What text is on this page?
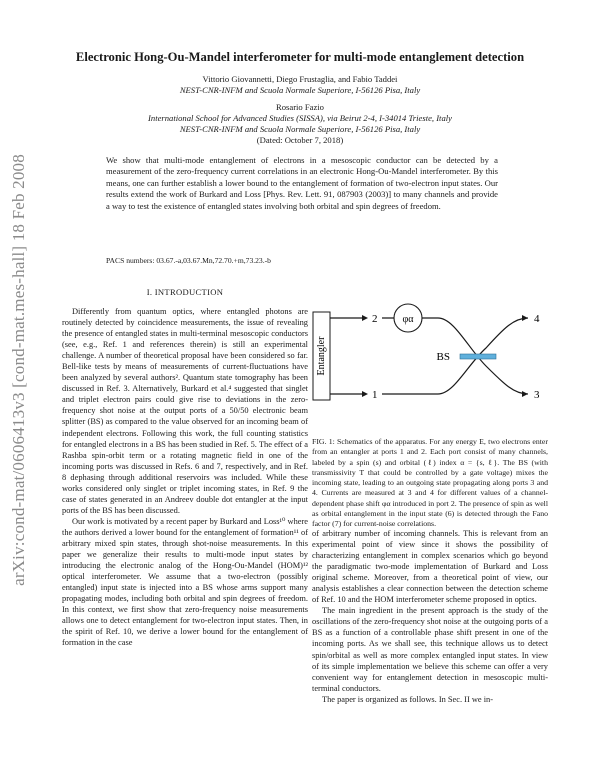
arXiv:cond-mat/0606413v3 [cond-mat.mes-hall] 18 Feb 2008
Electronic Hong-Ou-Mandel interferometer for multi-mode entanglement detection
Vittorio Giovannetti, Diego Frustaglia, and Fabio Taddei
NEST-CNR-INFM and Scuola Normale Superiore, I-56126 Pisa, Italy
Rosario Fazio
International School for Advanced Studies (SISSA), via Beirut 2-4, I-34014 Trieste, Italy
NEST-CNR-INFM and Scuola Normale Superiore, I-56126 Pisa, Italy
(Dated: October 7, 2018)
We show that multi-mode entanglement of electrons in a mesoscopic conductor can be detected by a measurement of the zero-frequency current correlations in an electronic Hong-Ou-Mandel interferometer. By this means, one can further establish a lower bound to the entanglement of formation of two-electron input states. Our results extend the work of Burkard and Loss [Phys. Rev. Lett. 91, 087903 (2003)] to many channels and provide a way to test the existence of entangled states involving both orbital and spin degrees of freedom.
PACS numbers: 03.67.-a,03.67.Mn,72.70.+m,73.23.-b
I. INTRODUCTION

Differently from quantum optics, where entangled photons are routinely detected by coincidence measurements, the issue of revealing the presence of entangled states in multi-terminal mesoscopic conductors (see, e.g., Ref. 1 and references therein) is still an experimental challenge. A number of theoretical proposal have been considered so far. Bell-like tests by means of measurements of current-fluctuations have been analyzed by several authors². Quantum state tomography has been discussed in Ref. 3. Alternatively, Burkard et al.⁴ suggested that singlet and triplet electron pairs could give rise to deviations in the zero-frequency shot noise at the output ports of a 50/50 electronic beam splitter (BS) as compared to the value observed for an incoming beam of independent electrons. Following this work, the full counting statistics for entangled electrons in a BS has been studied in Ref. 5. The effect of a Rashba spin-orbit term or a rotating magnetic field in one of the incoming ports was discussed in Refs. 6 and 7, respectively, and in Ref. 8 dephasing through additional reservoirs was included. While these works considered only singlet or triplet incoming states, in Ref. 9 the case of states generated in an Andreev double dot entangler at the input ports of the BS has been discussed.

Our work is motivated by a recent paper by Burkard and Loss¹⁰ where the authors derived a lower bound for the entanglement of formation¹¹ of arbitrary mixed spin states, through shot-noise measurements. In this paper we generalize their results to multi-mode input states by introducing the electronic analog of the Hong-Ou-Mandel (HOM)¹² optical interferometer. We assume that a two-electron (possibly entangled) input state is injected into a BS whose arms support many propagating modes, including both orbital and spin degrees of freedom. In this context, we first show that zero-frequency noise measurements allows one to detect entanglement for two-electron input states. Then, in the spirit of Ref. 10, we derive a lower bound for the entanglement of formation in the case

Entangler
2
1
φα
BS
4
3
FIG. 1: Schematics of the apparatus. For any energy E, two electrons enter from an entangler at ports 1 and 2. Each port consist of many channels, labeled by a spin (s) and orbital (ℓ) index α = {s, ℓ}. The BS (with transmissivity T that could be controlled by a gate voltage) mixes the incoming state, leading to an outgoing state propagating along ports 3 and 4. Currents are measured at 3 and 4 for different values of a channel-dependent phase shift φα introduced in port 2. The presence of spin as well as orbital entanglement in the input state (6) is detected through the Fano factor (7) for current-noise correlations.

of arbitrary number of incoming channels. This is relevant from an experimental point of view since it shows the possibility of characterizing entanglement in complex scenarios which go beyond the paradigmatic two-mode implementation of Burkard and Loss original scheme. Moreover, from a theoretical point of view, our analysis establishes a clear connection between the detection scheme of Ref. 10 and the HOM interferometer scheme proposed in optics.

The main ingredient in the present approach is the study of the oscillations of the zero-frequency shot noise at the outgoing ports of a BS as a function of a controllable phase shift present in one of the incoming ports. As we shall see, this technique allows us to detect spin/orbital as well as more complex entangled input states. In view of its simple implementation we believe this scheme can offer a very convenient way for entanglement detection in mesoscopic multi-terminal conductors.

The paper is organized as follows. In Sec. II we in-
